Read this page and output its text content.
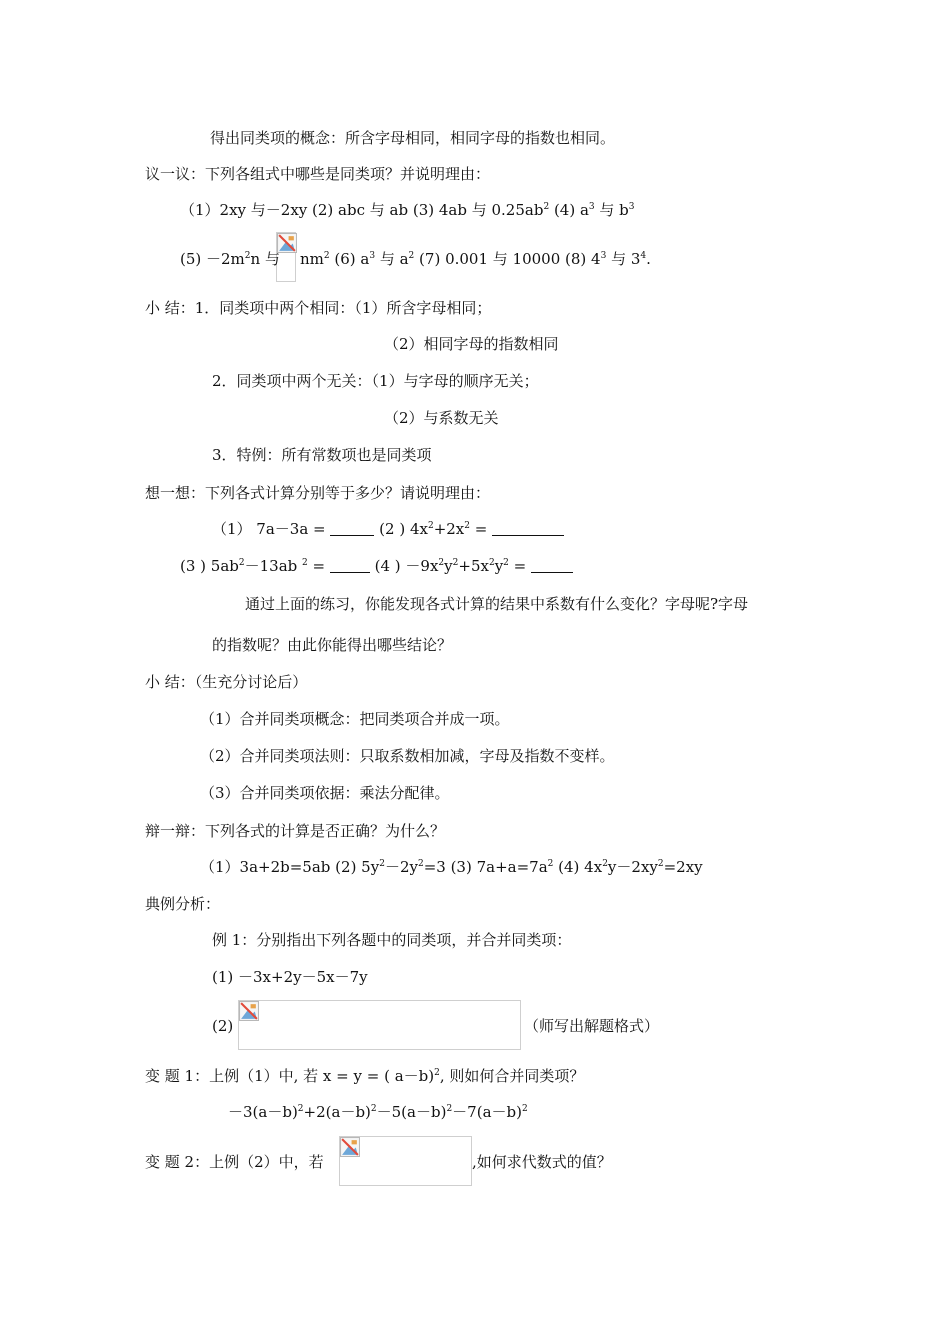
得出同类项的概念：所含字母相同，相同字母的指数也相同。
议一议：下列各组式中哪些是同类项？并说明理由：
（1）2xy 与－2xy (2) abc 与 ab (3) 4ab 与 $0.25ab^2$ (4) $a^3$ 与 $b^3$
$(5) -2m^2n$ 与 $nm^2$ (6) $a^3$ 与 $a^2$ (7) 0.001 与 10000 (8) $4^3$ 与 $3^4$.
小 结：1．同类项中两个相同：（1）所含字母相同；
（2）相同字母的指数相同
2．同类项中两个无关：（1）与字母的顺序无关；
（2）与系数无关
3．特例：所有常数项也是同类项
想一想：下列各式计算分别等于多少？请说明理由：
（1） 7a－3a =	(2 ) $4x^2+2x^2$ =
(3 ) $5ab^2-13ab$ $^2$ =	(4 ) $-9x^2y^2+5x^2y^2$ =
通过上面的练习，你能发现各式计算的结果中系数有什么变化？字母呢?字母
的指数呢？由此你能得出哪些结论？
小 结：（生充分讨论后）
（1）合并同类项概念：把同类项合并成一项。
（2）合并同类项法则：只取系数相加减，字母及指数不变样。
（3）合并同类项依据：乘法分配律。
辩一辩：下列各式的计算是否正确？为什么？
（1）3a+2b=5ab (2) $5y^2-2y^2=3$ (3) $7a+a=7a^2$ (4) $4x^2y-2xy^2=2xy$
典例分析：
例 1：分别指出下列各题中的同类项，并合并同类项：
(1) －3x+2y－5x－7y
(2)	（师写出解题格式）
变 题 1：上例（1）中, 若 x = y = ( a－b)$^2$, 则如何合并同类项？
$-3(a-b)^2+2(a-b)^2-5(a-b)^2-7(a-b)^2$
变 题 2：上例（2）中，若	,如何求代数式的值？
